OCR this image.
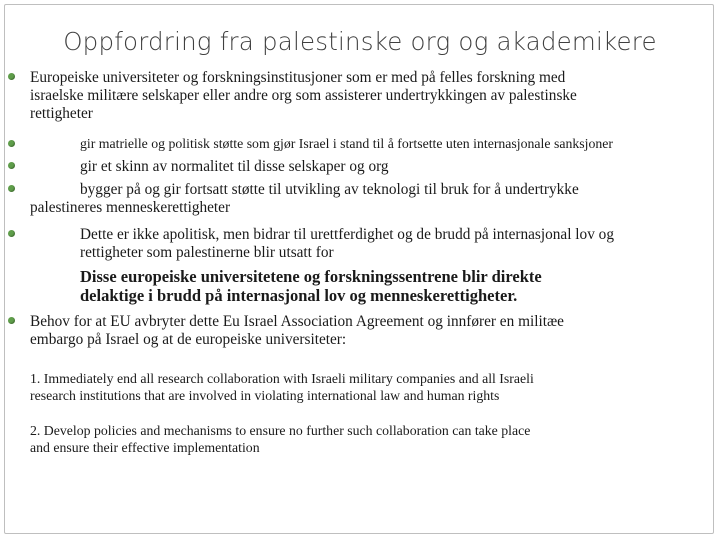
Oppfordring fra palestinske org og akademikere
Europeiske universiteter og forskningsinstitusjoner som er med på felles forskning med
israelske militære selskaper eller andre org som assisterer undertrykkingen av palestinske
rettigheter
gir matrielle og politisk støtte som gjør Israel i stand til å fortsette uten internasjonale sanksjoner
gir et skinn av normalitet til disse selskaper og org
bygger på og gir fortsatt støtte til utvikling av teknologi til bruk for å undertrykke
palestineres menneskerettigheter
Dette er ikke apolitisk, men bidrar til urettferdighet og de brudd på internasjonal lov og
rettigheter som palestinerne blir utsatt for
Disse europeiske universitetene og forskningssentrene blir direkte
delaktige i brudd på internasjonal lov og menneskerettigheter.
Behov for at EU avbryter dette Eu Israel Association Agreement og innfører en militæe
embargo på Israel og at de europeiske universiteter:
1. Immediately end all research collaboration with Israeli military companies and all Israeli
research institutions that are involved in violating international law and human rights
2. Develop policies and mechanisms to ensure no further such collaboration can take place
and ensure their effective implementation
